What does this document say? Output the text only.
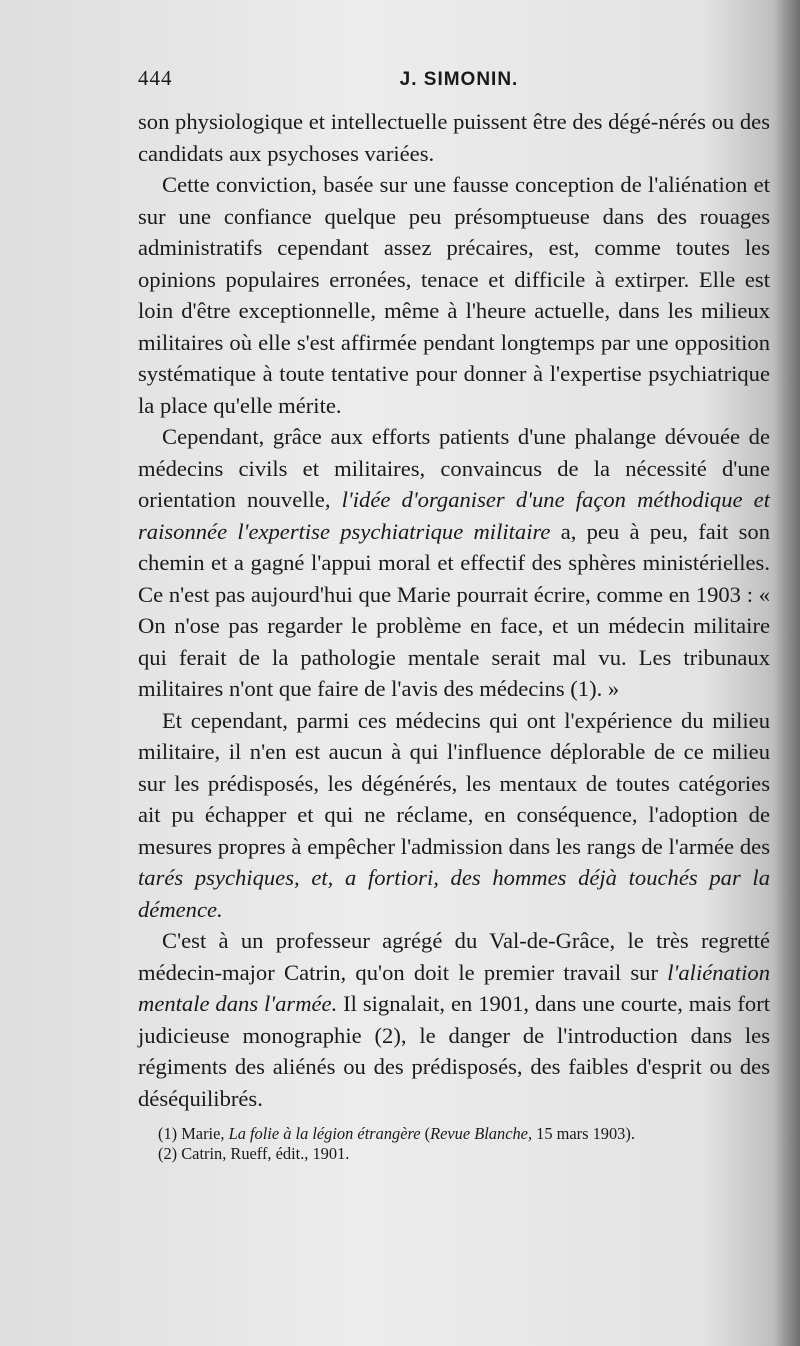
444	J. SIMONIN.

son physiologique et intellectuelle puissent être des dégé-nérés ou des candidats aux psychoses variées.

Cette conviction, basée sur une fausse conception de l'aliénation et sur une confiance quelque peu présomptueuse dans des rouages administratifs cependant assez précaires, est, comme toutes les opinions populaires erronées, tenace et difficile à extirper. Elle est loin d'être exceptionnelle, même à l'heure actuelle, dans les milieux militaires où elle s'est affirmée pendant longtemps par une opposition systématique à toute tentative pour donner à l'expertise psychiatrique la place qu'elle mérite.

Cependant, grâce aux efforts patients d'une phalange dévouée de médecins civils et militaires, convaincus de la nécessité d'une orientation nouvelle, l'idée d'organiser d'une façon méthodique et raisonnée l'expertise psychiatrique militaire a, peu à peu, fait son chemin et a gagné l'appui moral et effectif des sphères ministérielles. Ce n'est pas aujourd'hui que Marie pourrait écrire, comme en 1903 : « On n'ose pas regarder le problème en face, et un médecin militaire qui ferait de la pathologie mentale serait mal vu. Les tribunaux militaires n'ont que faire de l'avis des médecins (1). »

Et cependant, parmi ces médecins qui ont l'expérience du milieu militaire, il n'en est aucun à qui l'influence déplorable de ce milieu sur les prédisposés, les dégénérés, les mentaux de toutes catégories ait pu échapper et qui ne réclame, en conséquence, l'adoption de mesures propres à empêcher l'admission dans les rangs de l'armée des tarés psychiques, et, a fortiori, des hommes déjà touchés par la démence.

C'est à un professeur agrégé du Val-de-Grâce, le très regretté médecin-major Catrin, qu'on doit le premier travail sur l'aliénation mentale dans l'armée. Il signalait, en 1901, dans une courte, mais fort judicieuse monographie (2), le danger de l'introduction dans les régiments des aliénés ou des prédisposés, des faibles d'esprit ou des déséquilibrés.

(1) Marie, La folie à la légion étrangère (Revue Blanche, 15 mars 1903).

(2) Catrin, Rueff, édit., 1901.
